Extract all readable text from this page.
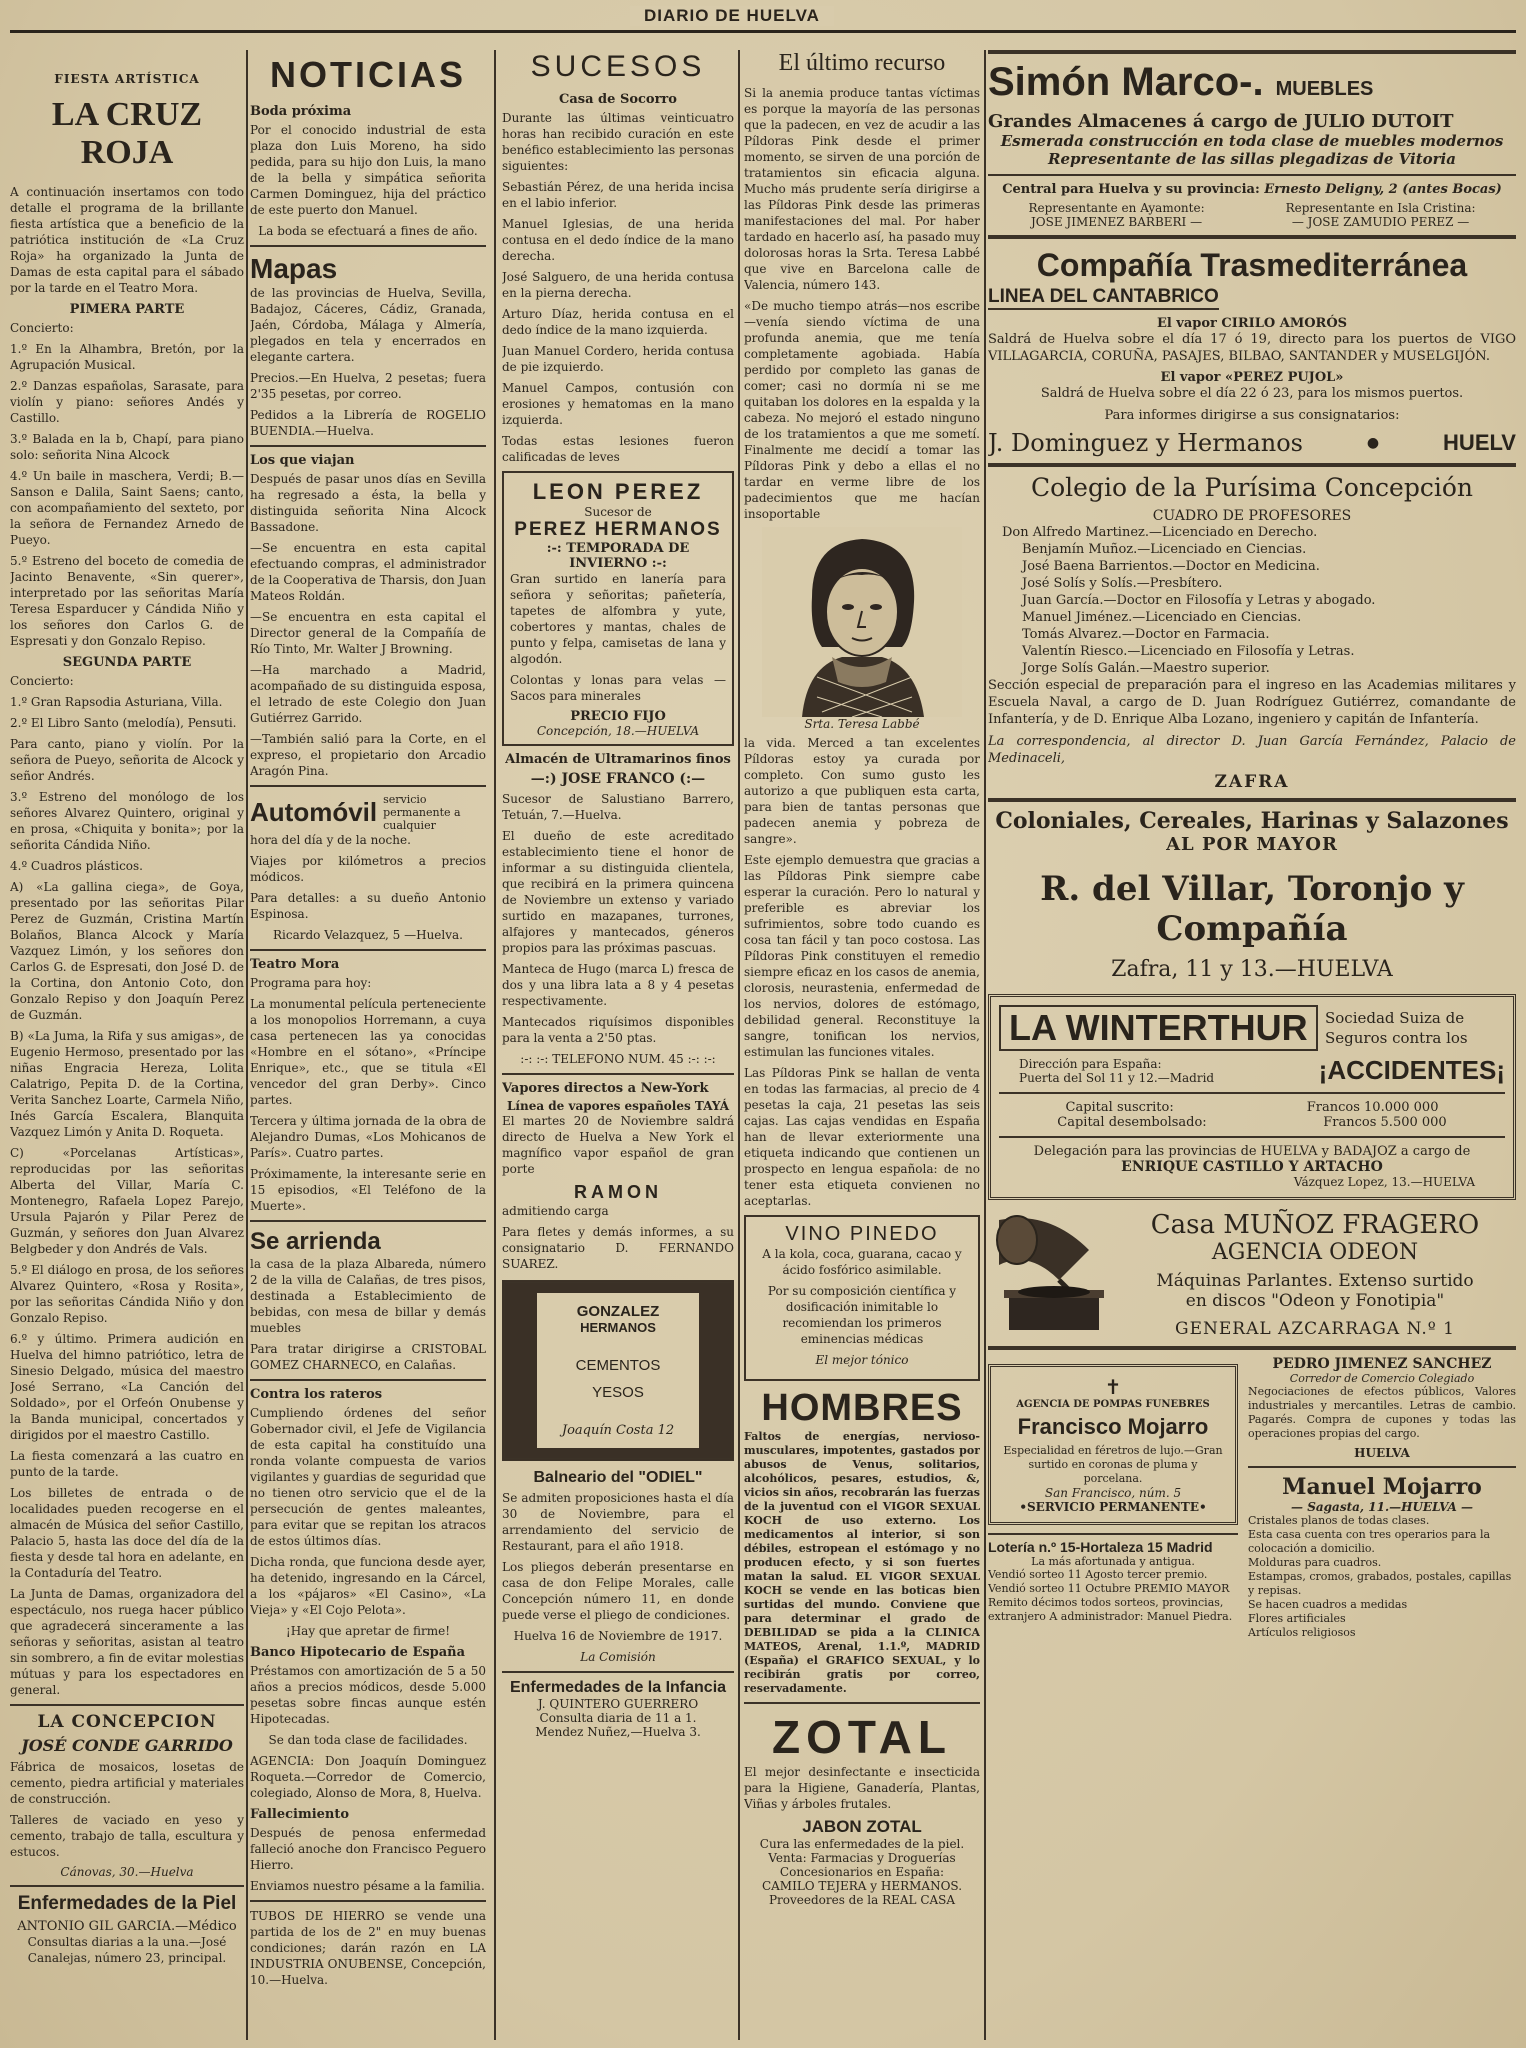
DIARIO DE HUELVA
FIESTA ARTÍSTICA
LA CRUZ ROJA

A continuación insertamos con todo detalle el programa de la brillante fiesta artística que a beneficio de la patriótica institución de «La Cruz Roja» ha organizado la Junta de Damas de esta capital para el sábado por la tarde en el Teatro Mora.

PIMERA PARTE

Concierto:

1.º En la Alhambra, Bretón, por la Agrupación Musical.

2.º Danzas españolas, Sarasate, para violín y piano: señores Andés y Castillo.

3.º Balada en la b, Chapí, para piano solo: señorita Nina Alcock

4.º Un baile in maschera, Verdi; B.—Sanson e Dalila, Saint Saens; canto, con acompañamiento del sexteto, por la señora de Fernandez Arnedo de Pueyo.

5.º Estreno del boceto de comedia de Jacinto Benavente, «Sin querer», interpretado por las señoritas María Teresa Esparducer y Cándida Niño y los señores don Carlos G. de Espresati y don Gonzalo Repiso.

SEGUNDA PARTE

Concierto:

1.º Gran Rapsodia Asturiana, Villa.

2.º El Libro Santo (melodía), Pensuti.

Para canto, piano y violín. Por la señora de Pueyo, señorita de Alcock y señor Andrés.

3.º Estreno del monólogo de los señores Alvarez Quintero, original y en prosa, «Chiquita y bonita»; por la señorita Cándida Niño.

4.º Cuadros plásticos.

A) «La gallina ciega», de Goya, presentado por las señoritas Pilar Perez de Guzmán, Cristina Martín Bolaños, Blanca Alcock y María Vazquez Limón, y los señores don Carlos G. de Espresati, don José D. de la Cortina, don Antonio Coto, don Gonzalo Repiso y don Joaquín Perez de Guzmán.

B) «La Juma, la Rifa y sus amigas», de Eugenio Hermoso, presentado por las niñas Engracia Hereza, Lolita Calatrigo, Pepita D. de la Cortina, Verita Sanchez Loarte, Carmela Niño, Inés García Escalera, Blanquita Vazquez Limón y Anita D. Roqueta.

C) «Porcelanas Artísticas», reproducidas por las señoritas Alberta del Villar, María C. Montenegro, Rafaela Lopez Parejo, Ursula Pajarón y Pilar Perez de Guzmán, y señores don Juan Alvarez Belgbeder y don Andrés de Vals.

5.º El diálogo en prosa, de los señores Alvarez Quintero, «Rosa y Rosita», por las señoritas Cándida Niño y don Gonzalo Repiso.

6.º y último. Primera audición en Huelva del himno patriótico, letra de Sinesio Delgado, música del maestro José Serrano, «La Canción del Soldado», por el Orfeón Onubense y la Banda municipal, concertados y dirigidos por el maestro Castillo.

La fiesta comenzará a las cuatro en punto de la tarde.

Los billetes de entrada o de localidades pueden recogerse en el almacén de Música del señor Castillo, Palacio 5, hasta las doce del día de la fiesta y desde tal hora en adelante, en la Contaduría del Teatro.

La Junta de Damas, organizadora del espectáculo, nos ruega hacer público que agradecerá sinceramente a las señoras y señoritas, asistan al teatro sin sombrero, a fin de evitar molestias mútuas y para los espectadores en general.

LA CONCEPCION
JOSÉ CONDE GARRIDO

Fábrica de mosaicos, losetas de cemento, piedra artificial y materiales de construcción.

Talleres de vaciado en yeso y cemento, trabajo de talla, escultura y estucos.

Cánovas, 30.—Huelva
Enfermedades de la Piel
ANTONIO GIL GARCIA.—Médico

Consultas diarias a la una.—José Canalejas, número 23, principal.

NOTICIAS
Boda próxima

Por el conocido industrial de esta plaza don Luis Moreno, ha sido pedida, para su hijo don Luis, la mano de la bella y simpática señorita Carmen Dominguez, hija del práctico de este puerto don Manuel.

La boda se efectuará a fines de año.

Mapas

de las provincias de Huelva, Sevilla, Badajoz, Cáceres, Cádiz, Granada, Jaén, Córdoba, Málaga y Almería, plegados en tela y encerrados en elegante cartera.

Precios.—En Huelva, 2 pesetas; fuera 2'35 pesetas, por correo.

Pedidos a la Librería de ROGELIO BUENDIA.—Huelva.

Los que viajan

Después de pasar unos días en Sevilla ha regresado a ésta, la bella y distinguida señorita Nina Alcock Bassadone.

—Se encuentra en esta capital efectuando compras, el administrador de la Cooperativa de Tharsis, don Juan Mateos Roldán.

—Se encuentra en esta capital el Director general de la Compañía de Río Tinto, Mr. Walter J Browning.

—Ha marchado a Madrid, acompañado de su distinguida esposa, el letrado de este Colegio don Juan Gutiérrez Garrido.

—También salió para la Corte, en el expreso, el propietario don Arcadio Aragón Pina.

Automóvil servicio permanente a cualquier

hora del día y de la noche.

Viajes por kilómetros a precios módicos.

Para detalles: a su dueño Antonio Espinosa.

Ricardo Velazquez, 5 —Huelva.

Teatro Mora

Programa para hoy:

La monumental película perteneciente a los monopolios Horremann, a cuya casa pertenecen las ya conocidas «Hombre en el sótano», «Príncipe Enrique», etc., que se titula «El vencedor del gran Derby». Cinco partes.

Tercera y última jornada de la obra de Alejandro Dumas, «Los Mohicanos de París». Cuatro partes.

Próximamente, la interesante serie en 15 episodios, «El Teléfono de la Muerte».

Se arrienda

la casa de la plaza Albareda, número 2 de la villa de Calañas, de tres pisos, destinada a Establecimiento de bebidas, con mesa de billar y demás muebles

Para tratar dirigirse a CRISTOBAL GOMEZ CHARNECO, en Calañas.

Contra los rateros

Cumpliendo órdenes del señor Gobernador civil, el Jefe de Vigilancia de esta capital ha constituído una ronda volante compuesta de varios vigilantes y guardias de seguridad que no tienen otro servicio que el de la persecución de gentes maleantes, para evitar que se repitan los atracos de estos últimos días.

Dicha ronda, que funciona desde ayer, ha detenido, ingresando en la Cárcel, a los «pájaros» «El Casino», «La Vieja» y «El Cojo Pelota».

¡Hay que apretar de firme!

Banco Hipotecario de España

Préstamos con amortización de 5 a 50 años a precios módicos, desde 5.000 pesetas sobre fincas aunque estén Hipotecadas.

Se dan toda clase de facilidades.

AGENCIA: Don Joaquín Dominguez Roqueta.—Corredor de Comercio, colegiado, Alonso de Mora, 8, Huelva.

Fallecimiento

Después de penosa enfermedad falleció anoche don Francisco Peguero Hierro.

Enviamos nuestro pésame a la familia.

TUBOS DE HIERRO se vende una partida de los de 2" en muy buenas condiciones; darán razón en LA INDUSTRIA ONUBENSE, Concepción, 10.—Huelva.

SUCESOS
Casa de Socorro

Durante las últimas veinticuatro horas han recibido curación en este benéfico establecimiento las personas siguientes:

Sebastián Pérez, de una herida incisa en el labio inferior.

Manuel Iglesias, de una herida contusa en el dedo índice de la mano derecha.

José Salguero, de una herida contusa en la pierna derecha.

Arturo Díaz, herida contusa en el dedo índice de la mano izquierda.

Juan Manuel Cordero, herida contusa de pie izquierdo.

Manuel Campos, contusión con erosiones y hematomas en la mano izquierda.

Todas estas lesiones fueron calificadas de leves

LEON PEREZ
Sucesor de
PEREZ HERMANOS
:-: TEMPORADA DE INVIERNO :-:

Gran surtido en lanería para señora y señoritas; pañetería, tapetes de alfombra y yute, cobertores y mantas, chales de punto y felpa, camisetas de lana y algodón.

Colontas y lonas para velas — Sacos para minerales

PRECIO FIJO
Concepción, 18.—HUELVA
Almacén de Ultramarinos finos
—:) JOSE FRANCO (:—

Sucesor de Salustiano Barrero, Tetuán, 7.—Huelva.

El dueño de este acreditado establecimiento tiene el honor de informar a su distinguida clientela, que recibirá en la primera quincena de Noviembre un extenso y variado surtido en mazapanes, turrones, alfajores y mantecados, géneros propios para las próximas pascuas.

Manteca de Hugo (marca L) fresca de dos y una libra lata a 8 y 4 pesetas respectivamente.

Mantecados riquísimos disponibles para la venta a 2'50 ptas.

:-: :-: TELEFONO NUM. 45 :-: :-:

Vapores directos a New-York
Línea de vapores españoles TAYÁ

El martes 20 de Noviembre saldrá directo de Huelva a New York el magnífico vapor español de gran porte

RAMON

admitiendo carga

Para fletes y demás informes, a su consignatario D. FERNANDO SUAREZ.

GONZALEZ
HERMANOS
CEMENTOS
YESOS
Joaquín Costa 12
Balneario del "ODIEL"

Se admiten proposiciones hasta el día 30 de Noviembre, para el arrendamiento del servicio de Restaurant, para el año 1918.

Los pliegos deberán presentarse en casa de don Felipe Morales, calle Concepción número 11, en donde puede verse el pliego de condiciones.

Huelva 16 de Noviembre de 1917.

La Comisión

Enfermedades de la Infancia
J. QUINTERO GUERRERO
Consulta diaria de 11 a 1.
Mendez Nuñez,—Huelva 3.
El último recurso

Si la anemia produce tantas víctimas es porque la mayoría de las personas que la padecen, en vez de acudir a las Píldoras Pink desde el primer momento, se sirven de una porción de tratamientos sin eficacia alguna. Mucho más prudente sería dirigirse a las Píldoras Pink desde las primeras manifestaciones del mal. Por haber tardado en hacerlo así, ha pasado muy dolorosas horas la Srta. Teresa Labbé que vive en Barcelona calle de Valencia, número 143.

«De mucho tiempo atrás—nos escribe—venía siendo víctima de una profunda anemia, que me tenía completamente agobiada. Había perdido por completo las ganas de comer; casi no dormía ni se me quitaban los dolores en la espalda y la cabeza. No mejoró el estado ninguno de los tratamientos a que me sometí. Finalmente me decidí a tomar las Píldoras Pink y debo a ellas el no tardar en verme libre de los padecimientos que me hacían insoportable

Srta. Teresa Labbé

la vida. Merced a tan excelentes Píldoras estoy ya curada por completo. Con sumo gusto les autorizo a que publiquen esta carta, para bien de tantas personas que padecen anemia y pobreza de sangre».

Este ejemplo demuestra que gracias a las Píldoras Pink siempre cabe esperar la curación. Pero lo natural y preferible es abreviar los sufrimientos, sobre todo cuando es cosa tan fácil y tan poco costosa. Las Píldoras Pink constituyen el remedio siempre eficaz en los casos de anemia, clorosis, neurastenia, enfermedad de los nervios, dolores de estómago, debilidad general. Reconstituye la sangre, tonifican los nervios, estimulan las funciones vitales.

Las Píldoras Pink se hallan de venta en todas las farmacias, al precio de 4 pesetas la caja, 21 pesetas las seis cajas. Las cajas vendidas en España han de llevar exteriormente una etiqueta indicando que contienen un prospecto en lengua española: de no tener esta etiqueta convienen no aceptarlas.

VINO PINEDO

A la kola, coca, guarana, cacao y ácido fosfórico asimilable.

Por su composición científica y dosificación inimitable lo recomiendan los primeros eminencias médicas

El mejor tónico

HOMBRES

Faltos de energías, nervioso-musculares, impotentes, gastados por abusos de Venus, solitarios, alcohólicos, pesares, estudios, &, vicios sin años, recobrarán las fuerzas de la juventud con el VIGOR SEXUAL KOCH de uso externo. Los medicamentos al interior, si son débiles, estropean el estómago y no producen efecto, y si son fuertes matan la salud. EL VIGOR SEXUAL KOCH se vende en las boticas bien surtidas del mundo. Conviene que para determinar el grado de DEBILIDAD se pida a la CLINICA MATEOS, Arenal, 1.1.º, MADRID (España) el GRAFICO SEXUAL, y lo recibirán gratis por correo, reservadamente.

ZOTAL

El mejor desinfectante e insecticida para la Higiene, Ganadería, Plantas, Viñas y árboles frutales.

JABON ZOTAL
Cura las enfermedades de la piel.
Venta: Farmacias y Droguerías
Concesionarios en España:
CAMILO TEJERA y HERMANOS.
Proveedores de la REAL CASA
Simón Marco-. MUEBLES
Grandes Almacenes á cargo de JULIO DUTOIT
Esmerada construcción en toda clase de muebles modernos
Representante de las sillas plegadizas de Vitoria
Central para Huelva y su provincia: Ernesto Deligny, 2 (antes Bocas)
Representante en Ayamonte:
JOSE JIMENEZ BARBERI —
Representante en Isla Cristina:
— JOSE ZAMUDIO PEREZ —
Compañía Trasmediterránea
LINEA DEL CANTABRICO
El vapor CIRILO AMORÓS

Saldrá de Huelva sobre el día 17 ó 19, directo para los puertos de VIGO VILLAGARCIA, CORUÑA, PASAJES, BILBAO, SANTANDER y MUSELGIJÓN.

El vapor «PEREZ PUJOL»

Saldrá de Huelva sobre el día 22 ó 23, para los mismos puertos.

Para informes dirigirse a sus consignatarios:

J. Dominguez y Hermanos	●	HUELV
Colegio de la Purísima Concepción
CUADRO DE PROFESORES
Don Alfredo Martinez.—Licenciado en Derecho.
Benjamín Muñoz.—Licenciado en Ciencias.
José Baena Barrientos.—Doctor en Medicina.
José Solís y Solís.—Presbítero.
Juan García.—Doctor en Filosofía y Letras y abogado.
Manuel Jiménez.—Licenciado en Ciencias.
Tomás Alvarez.—Doctor en Farmacia.
Valentín Riesco.—Licenciado en Filosofía y Letras.
Jorge Solís Galán.—Maestro superior.

Sección especial de preparación para el ingreso en las Academias militares y Escuela Naval, a cargo de D. Juan Rodríguez Gutiérrez, comandante de Infantería, y de D. Enrique Alba Lozano, ingeniero y capitán de Infantería.

La correspondencia, al director D. Juan García Fernández, Palacio de Medinaceli,

ZAFRA
Coloniales, Cereales, Harinas y Salazones
AL POR MAYOR
R. del Villar, Toronjo y Compañía
Zafra, 11 y 13.—HUELVA
LA WINTERTHUR	Sociedad Suiza de Seguros contra los
Dirección para España:
Puerta del Sol 11 y 12.—Madrid	¡ACCIDENTES¡
Capital suscrito:	Francos 10.000 000
Capital desembolsado:	Francos 5.500 000
Delegación para las provincias de HUELVA y BADAJOZ a cargo de
ENRIQUE CASTILLO Y ARTACHO
Vázquez Lopez, 13.—HUELVA
Casa MUÑOZ FRAGERO
AGENCIA ODEON
Máquinas Parlantes. Extenso surtido
en discos "Odeon y Fonotipia"
GENERAL AZCARRAGA N.º 1
✝
AGENCIA DE POMPAS FUNEBRES
Francisco Mojarro
Especialidad en féretros de lujo.—Gran surtido en coronas de pluma y porcelana.
San Francisco, núm. 5
•SERVICIO PERMANENTE•
Lotería n.º 15-Hortaleza 15 Madrid
La más afortunada y antigua.
Vendió sorteo 11 Agosto tercer premio. Vendió sorteo 11 Octubre PREMIO MAYOR Remito décimos todos sorteos, provincias, extranjero A administrador: Manuel Piedra.
PEDRO JIMENEZ SANCHEZ
Corredor de Comercio Colegiado

Negociaciones de efectos públicos, Valores industriales y mercantiles. Letras de cambio. Pagarés. Compra de cupones y todas las operaciones propias del cargo.

HUELVA
Manuel Mojarro
— Sagasta, 11.—HUELVA —
Cristales planos de todas clases.
Esta casa cuenta con tres operarios para la colocación a domicilio.
Molduras para cuadros.
Estampas, cromos, grabados, postales, capillas y repisas.
Se hacen cuadros a medidas
Flores artificiales
Artículos religiosos
